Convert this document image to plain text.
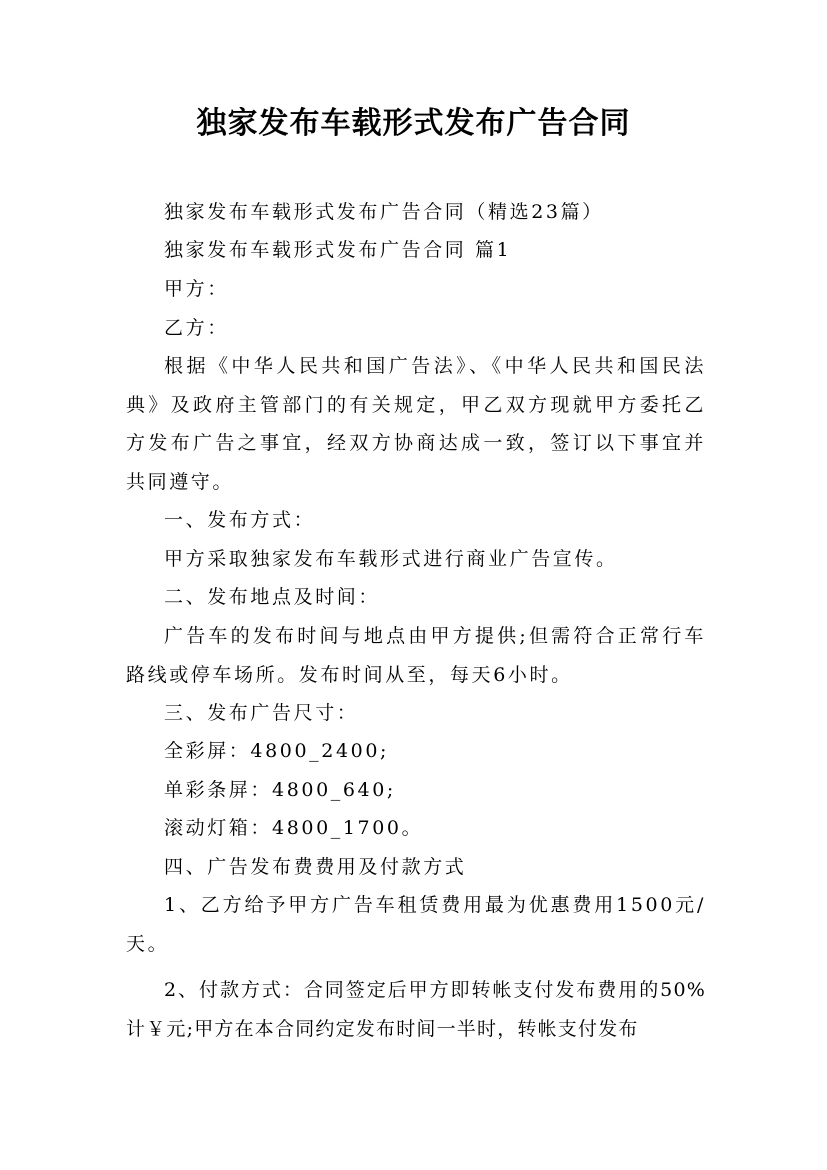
独家发布车载形式发布广告合同

独家发布车载形式发布广告合同（精选23篇）

独家发布车载形式发布广告合同 篇1

甲方：

乙方：

根据《中华人民共和国广告法》、《中华人民共和国民法典》及政府主管部门的有关规定，甲乙双方现就甲方委托乙方发布广告之事宜，经双方协商达成一致，签订以下事宜并共同遵守。

一、发布方式：

甲方采取独家发布车载形式进行商业广告宣传。

二、发布地点及时间：

广告车的发布时间与地点由甲方提供;但需符合正常行车路线或停车场所。发布时间从至，每天6小时。

三、发布广告尺寸：

全彩屏：4800_2400;

单彩条屏：4800_640;

滚动灯箱：4800_1700。

四、广告发布费费用及付款方式

1、乙方给予甲方广告车租赁费用最为优惠费用1500元/天。

2、付款方式：合同签定后甲方即转帐支付发布费用的50%计￥元;甲方在本合同约定发布时间一半时，转帐支付发布
